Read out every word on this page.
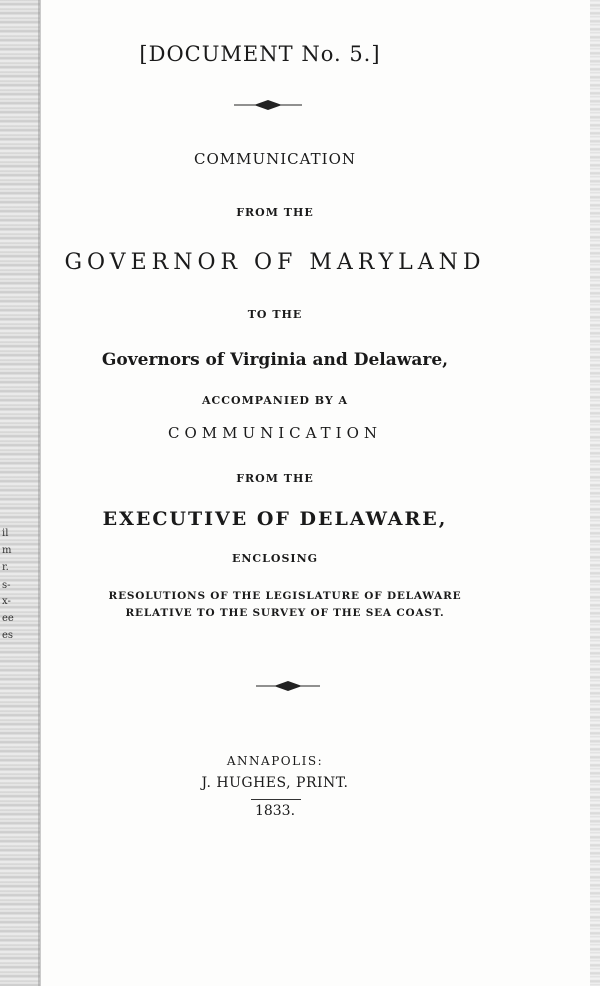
il
m
r.
s-
x-
ee
es
[DOCUMENT No. 5.]
COMMUNICATION
FROM THE
GOVERNOR OF MARYLAND
TO THE
Governors of Virginia and Delaware,
ACCOMPANIED BY A
COMMUNICATION
FROM THE
EXECUTIVE OF DELAWARE,
ENCLOSING
RESOLUTIONS OF THE LEGISLATURE OF DELAWARE
RELATIVE TO THE SURVEY OF THE SEA COAST.
ANNAPOLIS:
J. HUGHES, PRINT.
1833.
